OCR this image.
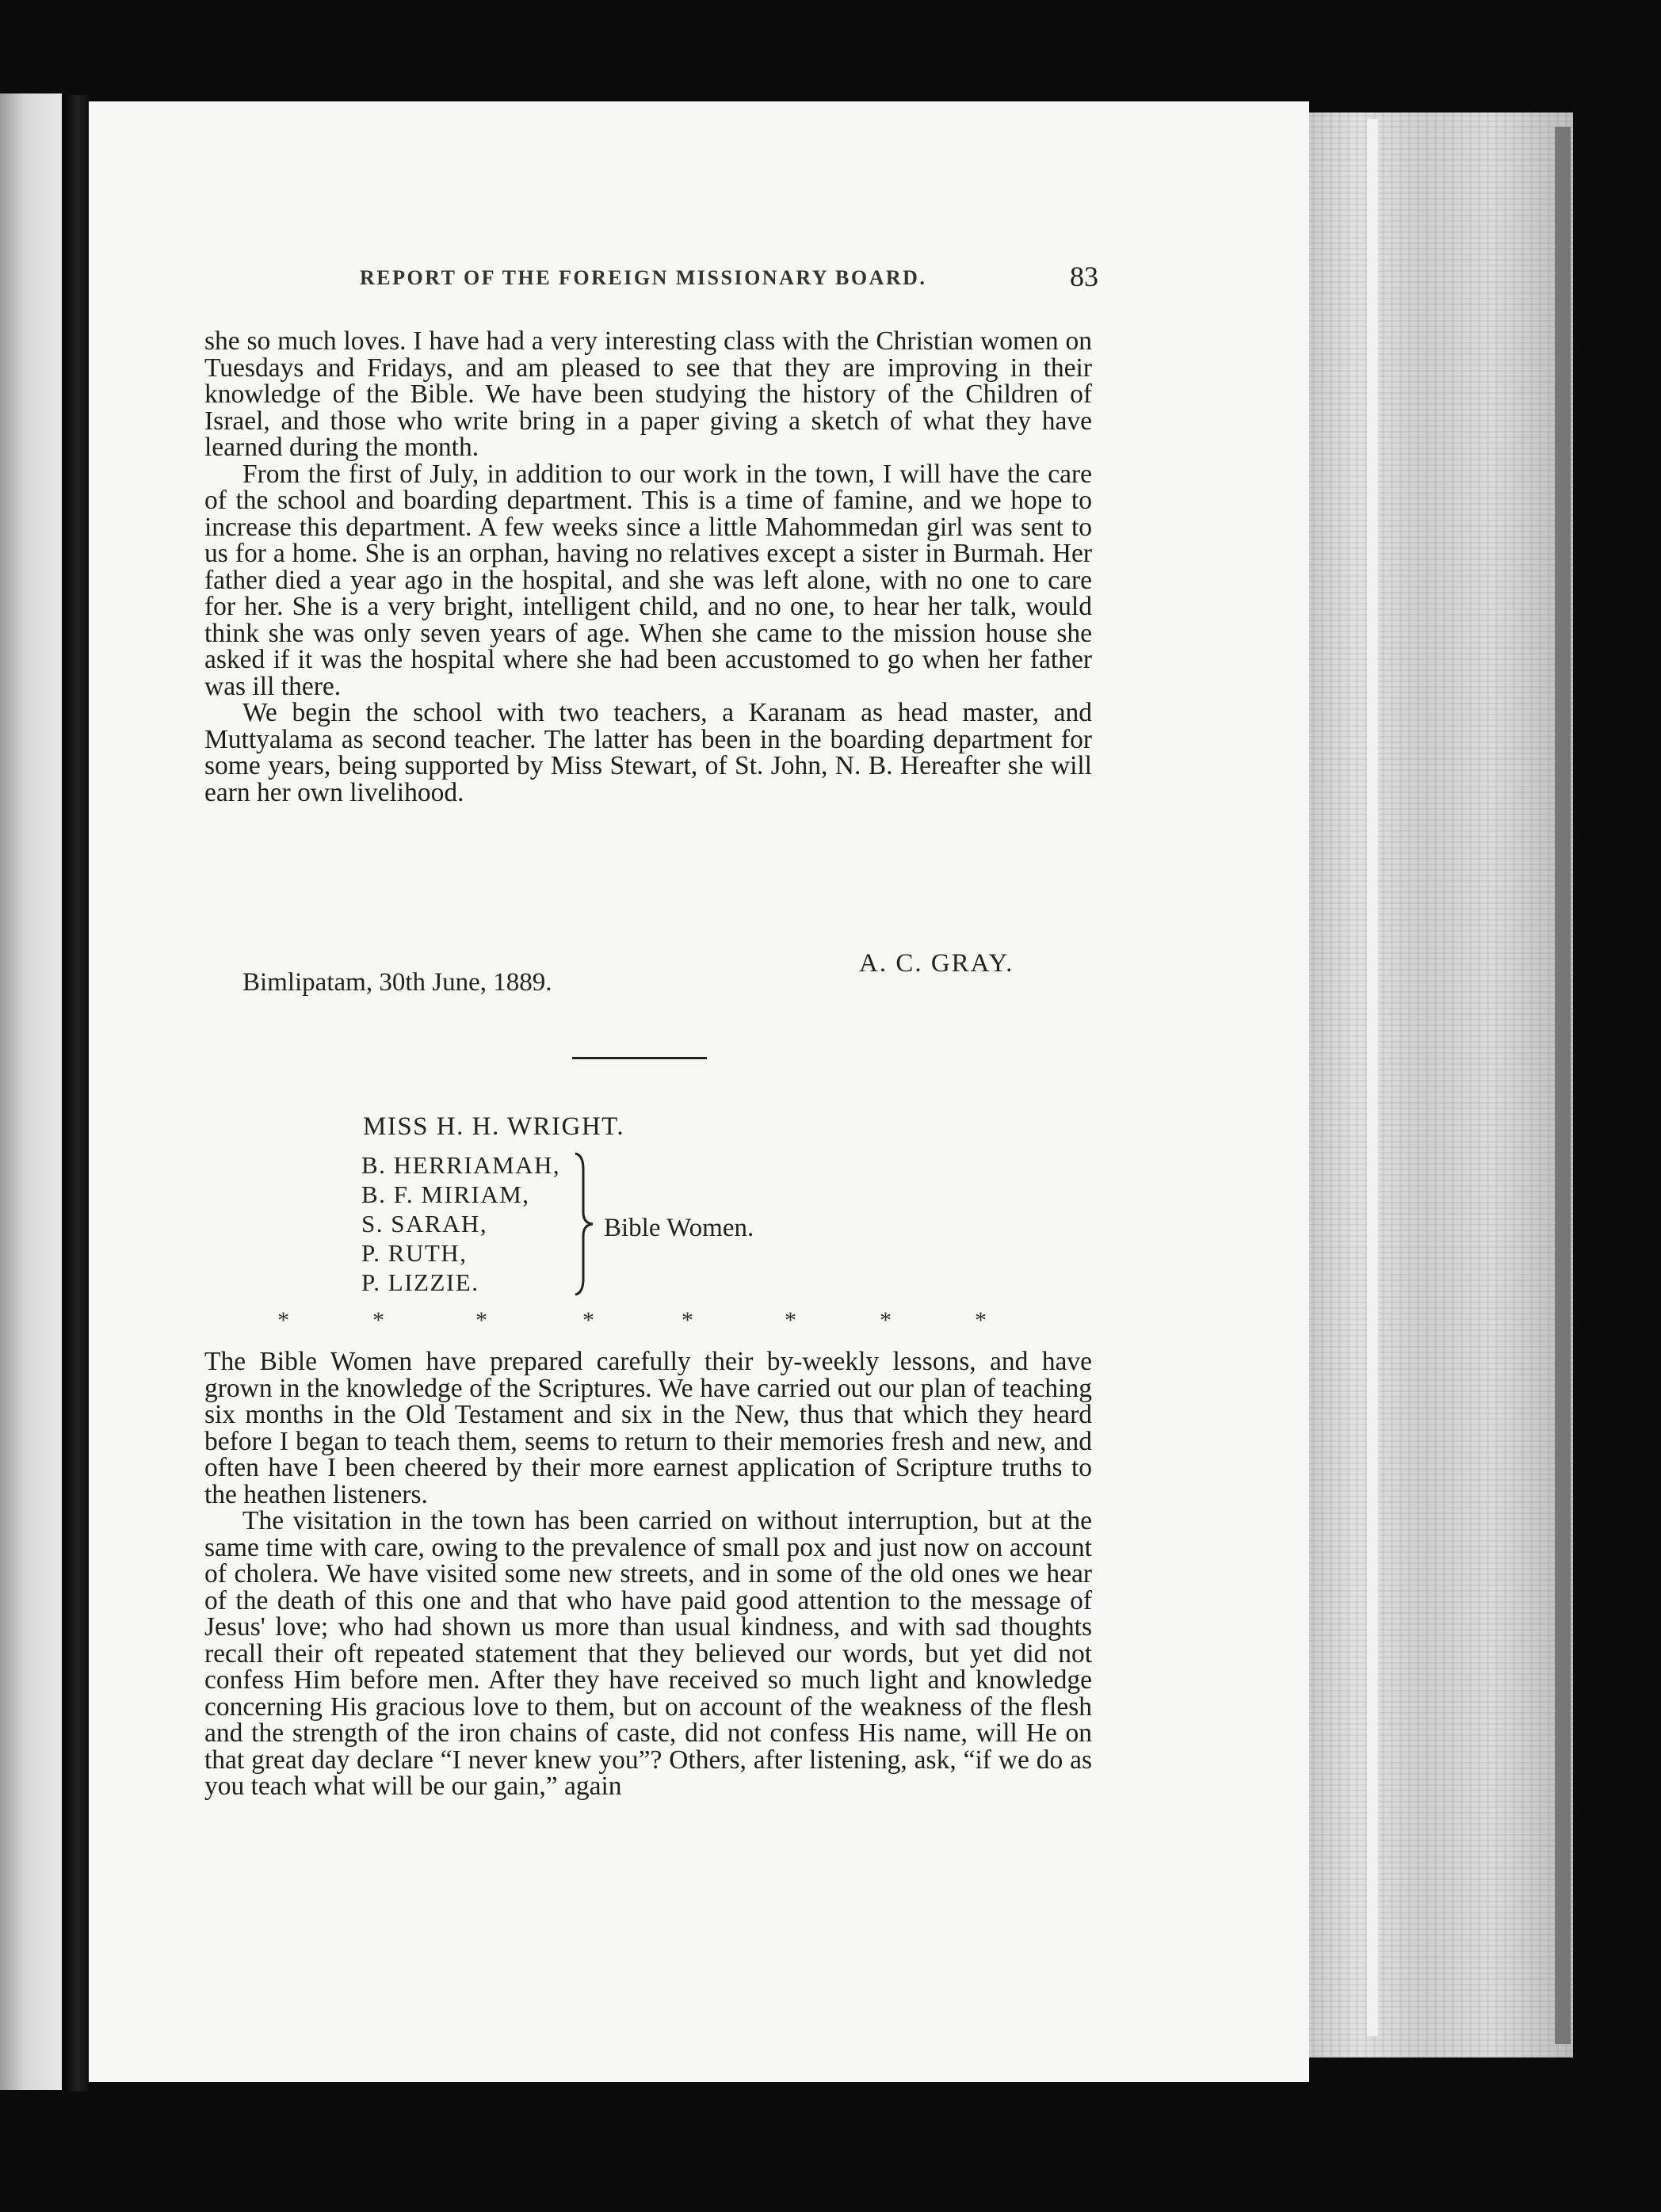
REPORT OF THE FOREIGN MISSIONARY BOARD.	83

she so much loves. I have had a very interesting class with the Christian women on Tuesdays and Fridays, and am pleased to see that they are improving in their knowledge of the Bible. We have been studying the history of the Children of Israel, and those who write bring in a paper giving a sketch of what they have learned during the month.

From the first of July, in addition to our work in the town, I will have the care of the school and boarding department. This is a time of famine, and we hope to increase this department. A few weeks since a little Mahommedan girl was sent to us for a home. She is an orphan, having no relatives except a sister in Burmah. Her father died a year ago in the hospital, and she was left alone, with no one to care for her. She is a very bright, intelligent child, and no one, to hear her talk, would think she was only seven years of age. When she came to the mission house she asked if it was the hospital where she had been accustomed to go when her father was ill there.

We begin the school with two teachers, a Karanam as head master, and Muttyalama as second teacher. The latter has been in the boarding department for some years, being supported by Miss Stewart, of St. John, N. B. Hereafter she will earn her own livelihood.

A. C. GRAY.
Bimlipatam, 30th June, 1889.
MISS H. H. WRIGHT.
B. HERRIAMAH,
B. F. MIRIAM,
S. SARAH,
P. RUTH,
P. LIZZIE.
Bible Women.
*	*	*	*	*	*	*	*

The Bible Women have prepared carefully their by-weekly lessons, and have grown in the knowledge of the Scriptures. We have carried out our plan of teaching six months in the Old Testament and six in the New, thus that which they heard before I began to teach them, seems to return to their memories fresh and new, and often have I been cheered by their more earnest application of Scripture truths to the heathen listeners.

The visitation in the town has been carried on without interruption, but at the same time with care, owing to the prevalence of small pox and just now on account of cholera. We have visited some new streets, and in some of the old ones we hear of the death of this one and that who have paid good attention to the message of Jesus' love; who had shown us more than usual kindness, and with sad thoughts recall their oft repeated statement that they believed our words, but yet did not confess Him before men. After they have received so much light and knowledge concerning His gracious love to them, but on account of the weakness of the flesh and the strength of the iron chains of caste, did not confess His name, will He on that great day declare “I never knew you”? Others, after listening, ask, “if we do as you teach what will be our gain,” again
